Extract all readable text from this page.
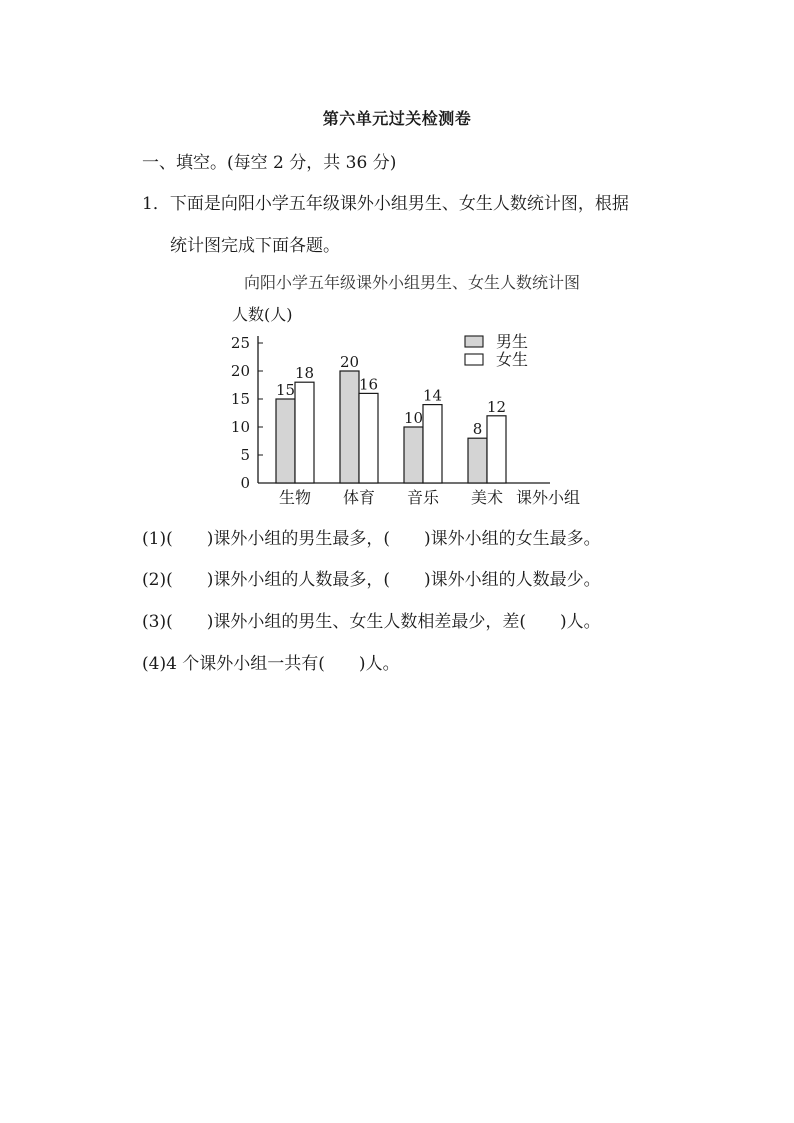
第六单元过关检测卷
一、填空。(每空 2 分，共 36 分)
1．下面是向阳小学五年级课外小组男生、女生人数统计图，根据
统计图完成下面各题。
向阳小学五年级课外小组男生、女生人数统计图
人数(人)
0
5
10
15
20
25
15
18
生物
20
16
体育
10
14
音乐
8
12
美术 课外小组
男生
女生
(1)(　　)课外小组的男生最多，(　　)课外小组的女生最多。
(2)(　　)课外小组的人数最多，(　　)课外小组的人数最少。
(3)(　　)课外小组的男生、女生人数相差最少，差(　　)人。
(4)4 个课外小组一共有(　　)人。
